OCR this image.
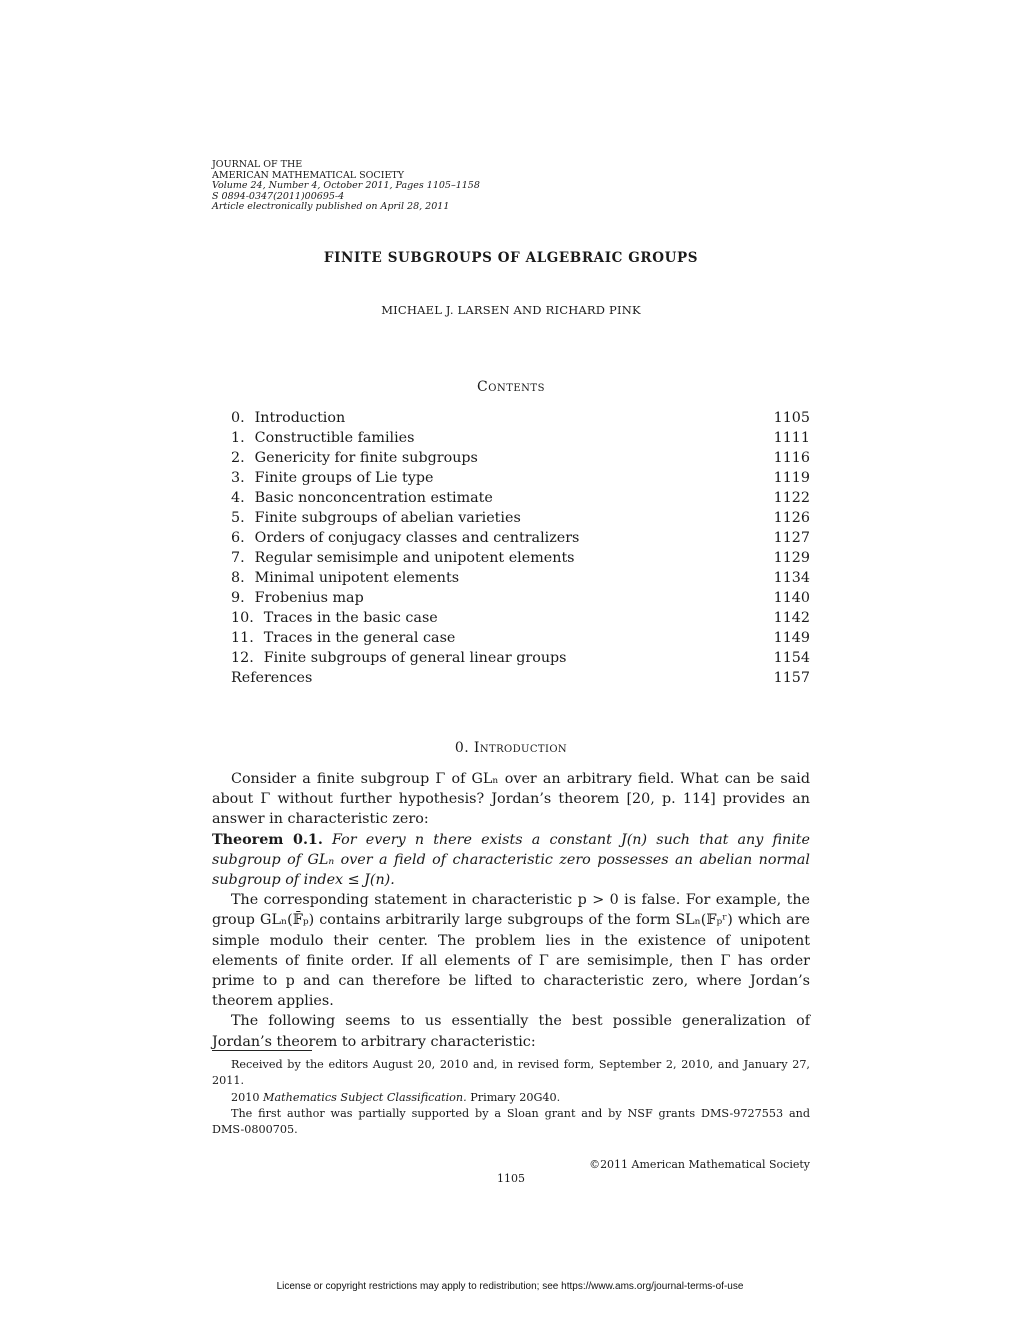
JOURNAL OF THE
AMERICAN MATHEMATICAL SOCIETY
Volume 24, Number 4, October 2011, Pages 1105–1158
S 0894-0347(2011)00695-4
Article electronically published on April 28, 2011
FINITE SUBGROUPS OF ALGEBRAIC GROUPS
MICHAEL J. LARSEN AND RICHARD PINK
Contents
0. Introduction	1105
1. Constructible families	1111
2. Genericity for finite subgroups	1116
3. Finite groups of Lie type	1119
4. Basic nonconcentration estimate	1122
5. Finite subgroups of abelian varieties	1126
6. Orders of conjugacy classes and centralizers	1127
7. Regular semisimple and unipotent elements	1129
8. Minimal unipotent elements	1134
9. Frobenius map	1140
10. Traces in the basic case	1142
11. Traces in the general case	1149
12. Finite subgroups of general linear groups	1154
References	1157
0. Introduction

Consider a finite subgroup Γ of GLₙ over an arbitrary field. What can be said about Γ without further hypothesis? Jordan’s theorem [20, p. 114] provides an answer in characteristic zero:

Theorem 0.1. For every n there exists a constant J(n) such that any finite subgroup of GLₙ over a field of characteristic zero possesses an abelian normal subgroup of index ≤ J(n).

The corresponding statement in characteristic p > 0 is false. For example, the group GLₙ(𝔽̄ₚ) contains arbitrarily large subgroups of the form SLₙ(𝔽ₚʳ) which are simple modulo their center. The problem lies in the existence of unipotent elements of finite order. If all elements of Γ are semisimple, then Γ has order prime to p and can therefore be lifted to characteristic zero, where Jordan’s theorem applies.

The following seems to us essentially the best possible generalization of Jordan’s theorem to arbitrary characteristic:

Received by the editors August 20, 2010 and, in revised form, September 2, 2010, and January 27, 2011.

2010 Mathematics Subject Classification. Primary 20G40.

The first author was partially supported by a Sloan grant and by NSF grants DMS-9727553 and DMS-0800705.

©2011 American Mathematical Society
1105
License or copyright restrictions may apply to redistribution; see https://www.ams.org/journal-terms-of-use
